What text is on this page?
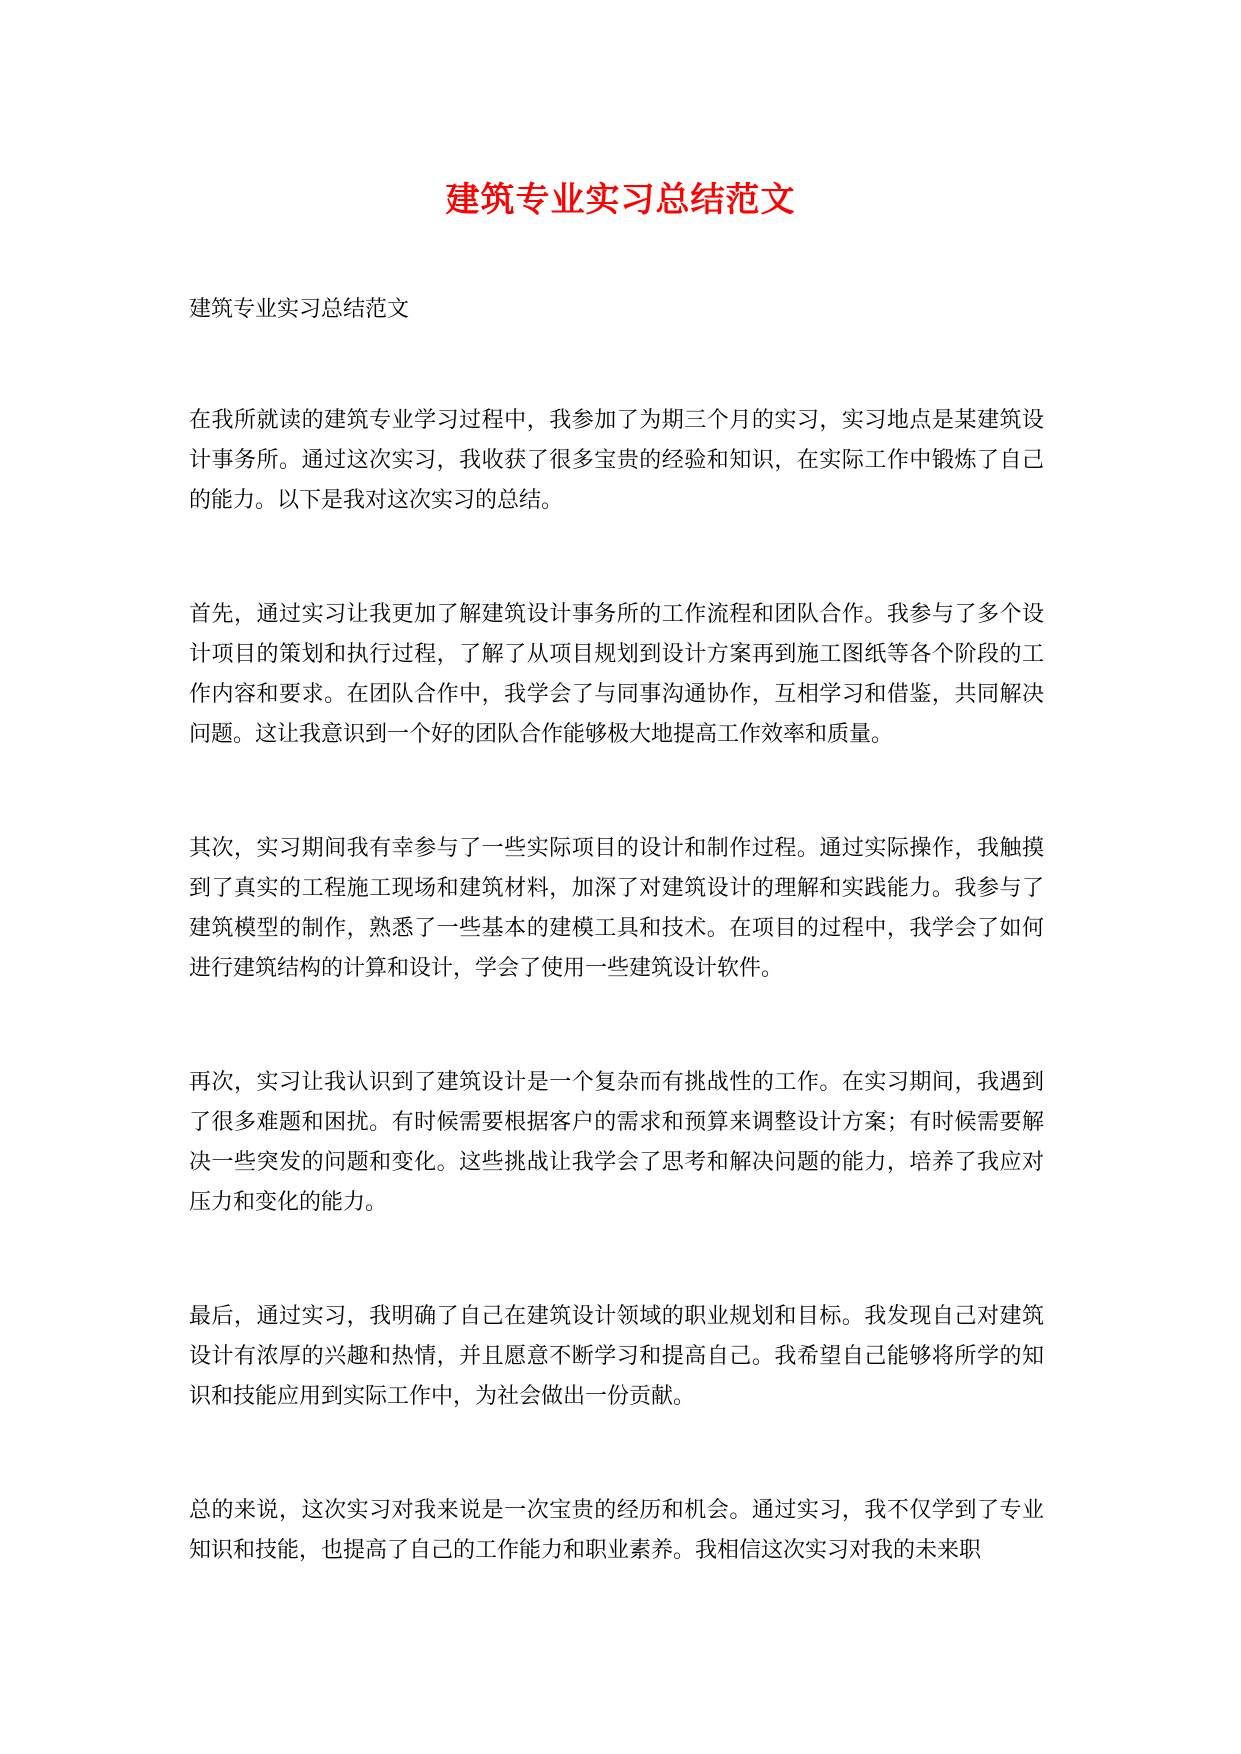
建筑专业实习总结范文

建筑专业实习总结范文

在我所就读的建筑专业学习过程中，我参加了为期三个月的实习，实习地点是某建筑设计事务所。通过这次实习，我收获了很多宝贵的经验和知识，在实际工作中锻炼了自己的能力。以下是我对这次实习的总结。

首先，通过实习让我更加了解建筑设计事务所的工作流程和团队合作。我参与了多个设计项目的策划和执行过程，了解了从项目规划到设计方案再到施工图纸等各个阶段的工作内容和要求。在团队合作中，我学会了与同事沟通协作，互相学习和借鉴，共同解决问题。这让我意识到一个好的团队合作能够极大地提高工作效率和质量。

其次，实习期间我有幸参与了一些实际项目的设计和制作过程。通过实际操作，我触摸到了真实的工程施工现场和建筑材料，加深了对建筑设计的理解和实践能力。我参与了建筑模型的制作，熟悉了一些基本的建模工具和技术。在项目的过程中，我学会了如何进行建筑结构的计算和设计，学会了使用一些建筑设计软件。

再次，实习让我认识到了建筑设计是一个复杂而有挑战性的工作。在实习期间，我遇到了很多难题和困扰。有时候需要根据客户的需求和预算来调整设计方案；有时候需要解决一些突发的问题和变化。这些挑战让我学会了思考和解决问题的能力，培养了我应对压力和变化的能力。

最后，通过实习，我明确了自己在建筑设计领域的职业规划和目标。我发现自己对建筑设计有浓厚的兴趣和热情，并且愿意不断学习和提高自己。我希望自己能够将所学的知识和技能应用到实际工作中，为社会做出一份贡献。

总的来说，这次实习对我来说是一次宝贵的经历和机会。通过实习，我不仅学到了专业知识和技能，也提高了自己的工作能力和职业素养。我相信这次实习对我的未来职
